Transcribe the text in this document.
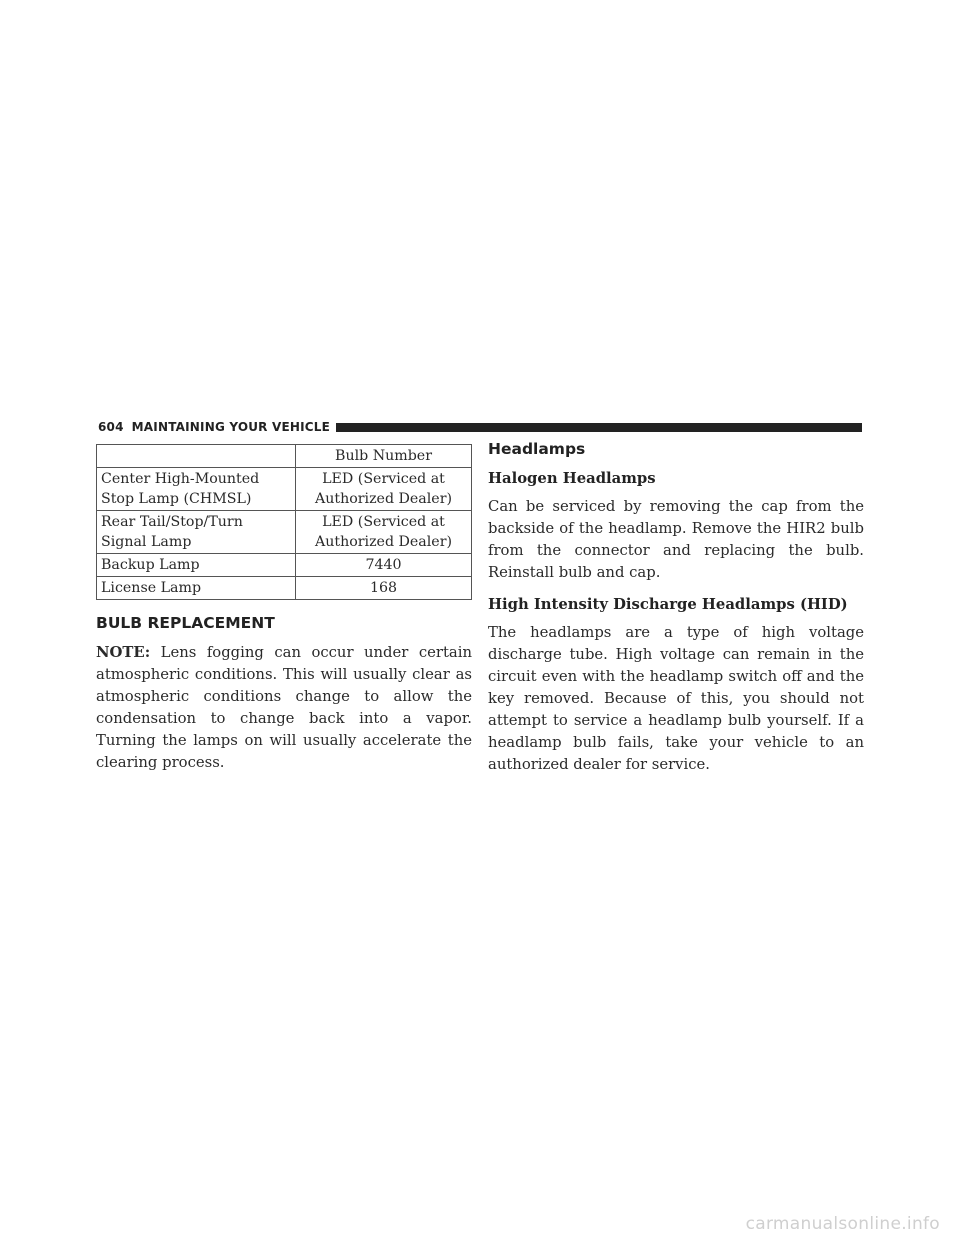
604 MAINTAINING YOUR VEHICLE
	Bulb Number
Center High-Mounted Stop Lamp (CHMSL)	LED (Serviced at Authorized Dealer)
Rear Tail/Stop/Turn Signal Lamp	LED (Serviced at Authorized Dealer)
Backup Lamp	7440
License Lamp	168
BULB REPLACEMENT

NOTE: Lens fogging can occur under certain atmospheric conditions. This will usually clear as atmospheric conditions change to allow the condensation to change back into a vapor. Turning the lamps on will usually accelerate the clearing process.

Headlamps
Halogen Headlamps

Can be serviced by removing the cap from the backside of the headlamp. Remove the HIR2 bulb from the connector and replacing the bulb. Reinstall bulb and cap.

High Intensity Discharge Headlamps (HID)

The headlamps are a type of high voltage discharge tube. High voltage can remain in the circuit even with the headlamp switch off and the key removed. Because of this, you should not attempt to service a headlamp bulb yourself. If a headlamp bulb fails, take your vehicle to an authorized dealer for service.

carmanualsonline.info
